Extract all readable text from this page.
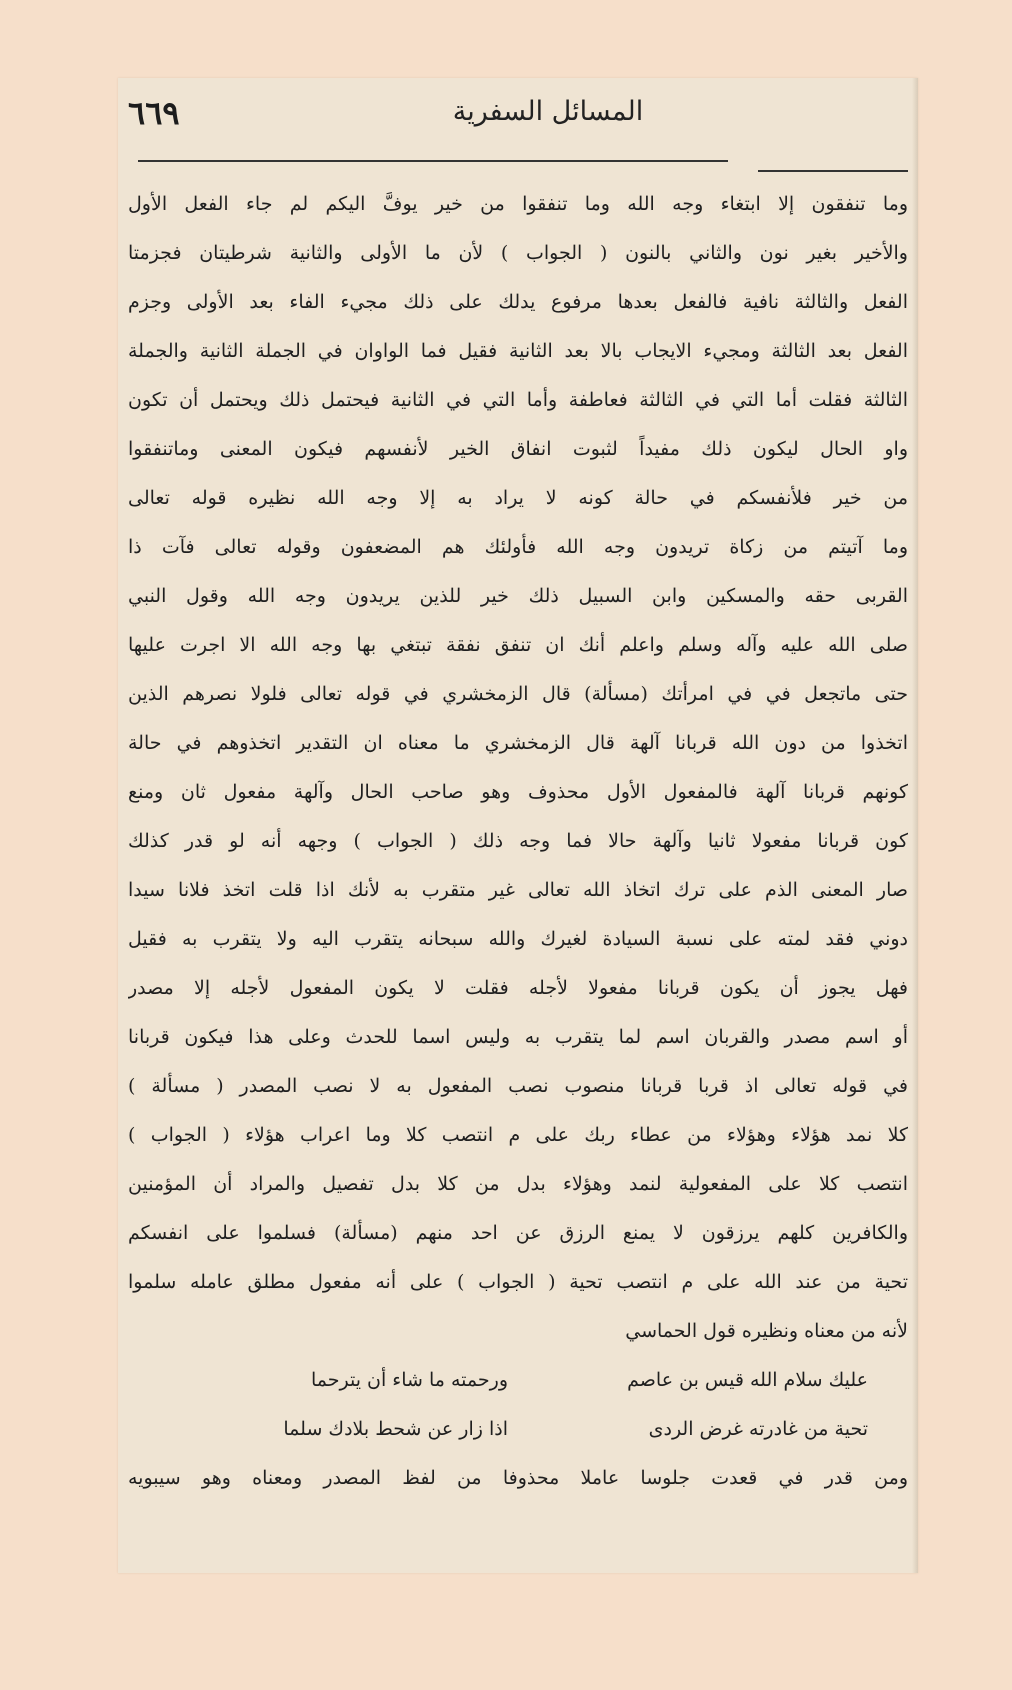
٦٦٩	المسائل السفرية
وما تنفقون إلا ابتغاء وجه الله وما تنفقوا من خير يوفَّ اليكم لم جاء الفعل الأول
والأخير بغير نون والثاني بالنون ( الجواب ) لأن ما الأولى والثانية شرطيتان فجزمتا
الفعل والثالثة نافية فالفعل بعدها مرفوع يدلك على ذلك مجيء الفاء بعد الأولى وجزم
الفعل بعد الثالثة ومجيء الايجاب بالا بعد الثانية فقيل فما الواوان في الجملة الثانية والجملة
الثالثة فقلت أما التي في الثالثة فعاطفة وأما التي في الثانية فيحتمل ذلك ويحتمل أن تكون
واو الحال ليكون ذلك مفيداً لثبوت انفاق الخير لأنفسهم فيكون المعنى وماتنفقوا
من خير فلأنفسكم في حالة كونه لا يراد به إلا وجه الله نظيره قوله تعالى
وما آتيتم من زكاة تريدون وجه الله فأولئك هم المضعفون وقوله تعالى فآت ذا
القربى حقه والمسكين وابن السبيل ذلك خير للذين يريدون وجه الله وقول النبي
صلى الله عليه وآله وسلم واعلم أنك ان تنفق نفقة تبتغي بها وجه الله الا اجرت عليها
حتى ماتجعل في في امرأتك (مسألة) قال الزمخشري في قوله تعالى فلولا نصرهم الذين
اتخذوا من دون الله قربانا آلهة قال الزمخشري ما معناه ان التقدير اتخذوهم في حالة
كونهم قربانا آلهة فالمفعول الأول محذوف وهو صاحب الحال وآلهة مفعول ثان ومنع
كون قربانا مفعولا ثانيا وآلهة حالا فما وجه ذلك ( الجواب ) وجهه أنه لو قدر كذلك
صار المعنى الذم على ترك اتخاذ الله تعالى غير متقرب به لأنك اذا قلت اتخذ فلانا سيدا
دوني فقد لمته على نسبة السيادة لغيرك والله سبحانه يتقرب اليه ولا يتقرب به فقيل
فهل يجوز أن يكون قربانا مفعولا لأجله فقلت لا يكون المفعول لأجله إلا مصدر
أو اسم مصدر والقربان اسم لما يتقرب به وليس اسما للحدث وعلى هذا فيكون قربانا
في قوله تعالى اذ قربا قربانا منصوب نصب المفعول به لا نصب المصدر ( مسألة )
كلا نمد هؤلاء وهؤلاء من عطاء ربك على م انتصب كلا وما اعراب هؤلاء ( الجواب )
انتصب كلا على المفعولية لنمد وهؤلاء بدل من كلا بدل تفصيل والمراد أن المؤمنين
والكافرين كلهم يرزقون لا يمنع الرزق عن احد منهم (مسألة) فسلموا على انفسكم
تحية من عند الله على م انتصب تحية ( الجواب ) على أنه مفعول مطلق عامله سلموا
لأنه من معناه ونظيره قول الحماسي
عليك سلام الله قيس بن عاصم
ورحمته ما شاء أن يترحما
تحية من غادرته غرض الردى
اذا زار عن شحط بلادك سلما
ومن قدر في قعدت جلوسا عاملا محذوفا من لفظ المصدر ومعناه وهو سيبويه
